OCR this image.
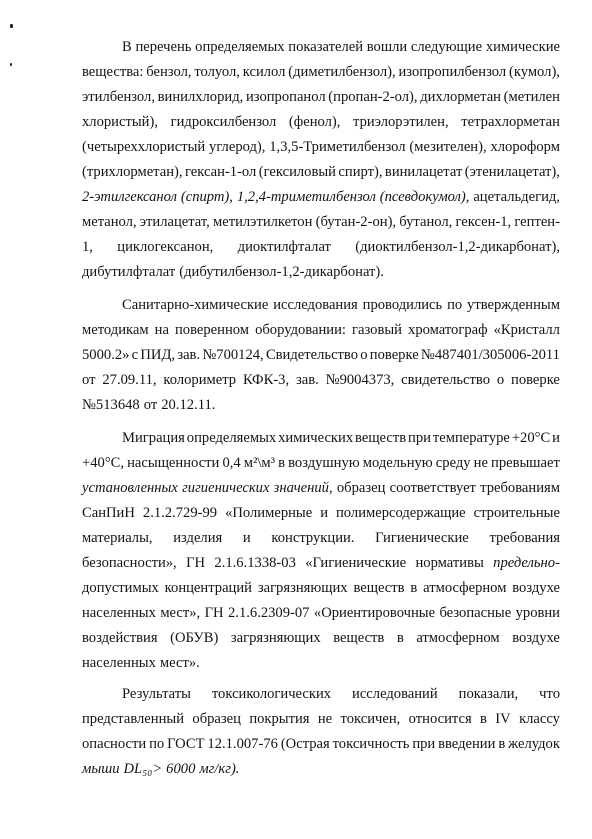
В перечень определяемых показателей вошли следующие химические
вещества: бензол, толуол, ксилол (диметилбензол), изопропилбензол (кумол),
этилбензол, винилхлорид, изопропанол (пропан-2-ол), дихлорметан (метилен
хлористый), гидроксилбензол (фенол), триэлорэтилен, тетрахлорметан
(четыреххлористый углерод), 1,3,5-Триметилбензол (мезителен), хлороформ
(трихлорметан), гексан-1-ол (гексиловый спирт), винилацетат (этенилацетат),
2-этилгексанол (спирт), 1,2,4-триметилбензол (псевдокумол), ацетальдегид,
метанол, этилацетат, метилэтилкетон (бутан-2-он), бутанол, гексен-1, гептен-
1, циклогексанон, диоктилфталат (диоктилбензол-1,2-дикарбонат),
дибутилфталат (дибутилбензол-1,2-дикарбонат).
Санитарно-химические исследования проводились по утвержденным
методикам на поверенном оборудовании: газовый хроматограф «Кристалл
5000.2» с ПИД, зав. №700124, Свидетельство о поверке №487401/305006-2011
от 27.09.11, колориметр КФК-3, зав. №9004373, свидетельство о поверке
№513648 от 20.12.11.
Миграция определяемых химических веществ при температуре +20°С и
+40°С, насыщенности 0,4 м²\м³ в воздушную модельную среду не превышает
установленных гигиенических значений, образец соответствует требованиям
СанПиН 2.1.2.729-99 «Полимерные и полимерсодержащие строительные
материалы, изделия и конструкции. Гигиенические требования
безопасности», ГН 2.1.6.1338-03 «Гигиенические нормативы предельно-
допустимых концентраций загрязняющих веществ в атмосферном воздухе
населенных мест», ГН 2.1.6.2309-07 «Ориентировочные безопасные уровни
воздействия (ОБУВ) загрязняющих веществ в атмосферном воздухе
населенных мест».
Результаты токсикологических исследований показали, что
представленный образец покрытия не токсичен, относится в IV классу
опасности по ГОСТ 12.1.007-76 (Острая токсичность при введении в желудок
мыши DL₅₀> 6000 мг/кг).
